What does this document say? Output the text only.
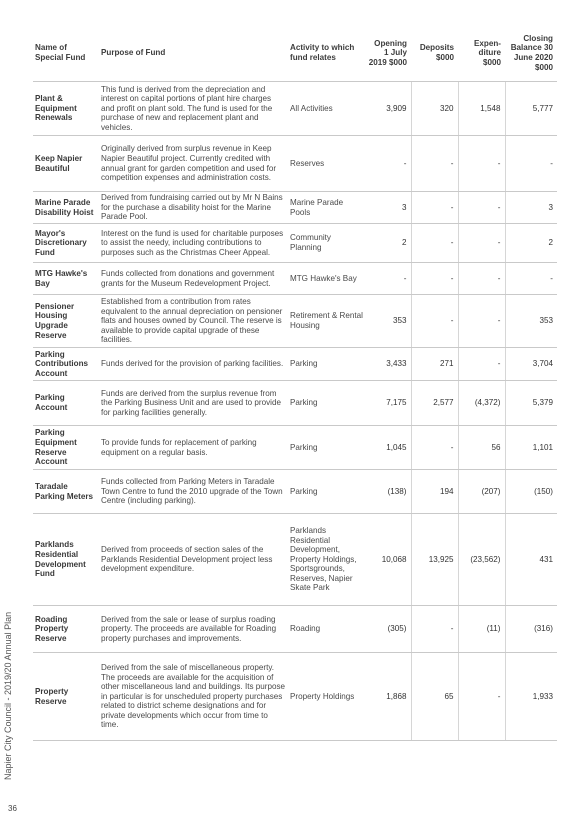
Name of Special Fund	Purpose of Fund	Activity to which fund relates	Opening 1 July 2019 $000	Deposits $000	Expen-diture $000	Closing Balance 30 June 2020 $000
Plant & Equipment Renewals	This fund is derived from the depreciation and interest on capital portions of plant hire charges and profit on plant sold. The fund is used for the purchase of new and replacement plant and vehicles.	All Activities	3,909	320	1,548	5,777
Keep Napier Beautiful	Originally derived from surplus revenue in Keep Napier Beautiful project. Currently credited with annual grant for garden competition and used for competition expenses and administration costs.	Reserves	-	-	-	-
Marine Parade Disability Hoist	Derived from fundraising carried out by Mr N Bains for the purchase a disability hoist for the Marine Parade Pool.	Marine Parade Pools	3	-	-	3
Mayor's Discretionary Fund	Interest on the fund is used for charitable purposes to assist the needy, including contributions to purposes such as the Christmas Cheer Appeal.	Community Planning	2	-	-	2
MTG Hawke's Bay	Funds collected from donations and government grants for the Museum Redevelopment Project.	MTG Hawke's Bay	-	-	-	-
Pensioner Housing Upgrade Reserve	Established from a contribution from rates equivalent to the annual depreciation on pensioner flats and houses owned by Council. The reserve is available to provide capital upgrade of these facilities.	Retirement & Rental Housing	353	-	-	353
Parking Contributions Account	Funds derived for the provision of parking facilities.	Parking	3,433	271	-	3,704
Parking Account	Funds are derived from the surplus revenue from the Parking Business Unit and are used to provide for parking facilities generally.	Parking	7,175	2,577	(4,372)	5,379
Parking Equipment Reserve Account	To provide funds for replacement of parking equipment on a regular basis.	Parking	1,045	-	56	1,101
Taradale Parking Meters	Funds collected from Parking Meters in Taradale Town Centre to fund the 2010 upgrade of the Town Centre (including parking).	Parking	(138)	194	(207)	(150)
Parklands Residential Development Fund	Derived from proceeds of section sales of the Parklands Residential Development project less development expenditure.	Parklands Residential Development, Property Holdings, Sportsgrounds, Reserves, Napier Skate Park	10,068	13,925	(23,562)	431
Roading Property Reserve	Derived from the sale or lease of surplus roading property. The proceeds are available for Roading property purchases and improvements.	Roading	(305)	-	(11)	(316)
Property Reserve	Derived from the sale of miscellaneous property. The proceeds are available for the acquisition of other miscellaneous land and buildings. Its purpose in particular is for unscheduled property purchases related to district scheme designations and for private developments which occur from time to time.	Property Holdings	1,868	65	-	1,933
Napier City Council - 2019/20 Annual Plan
36
